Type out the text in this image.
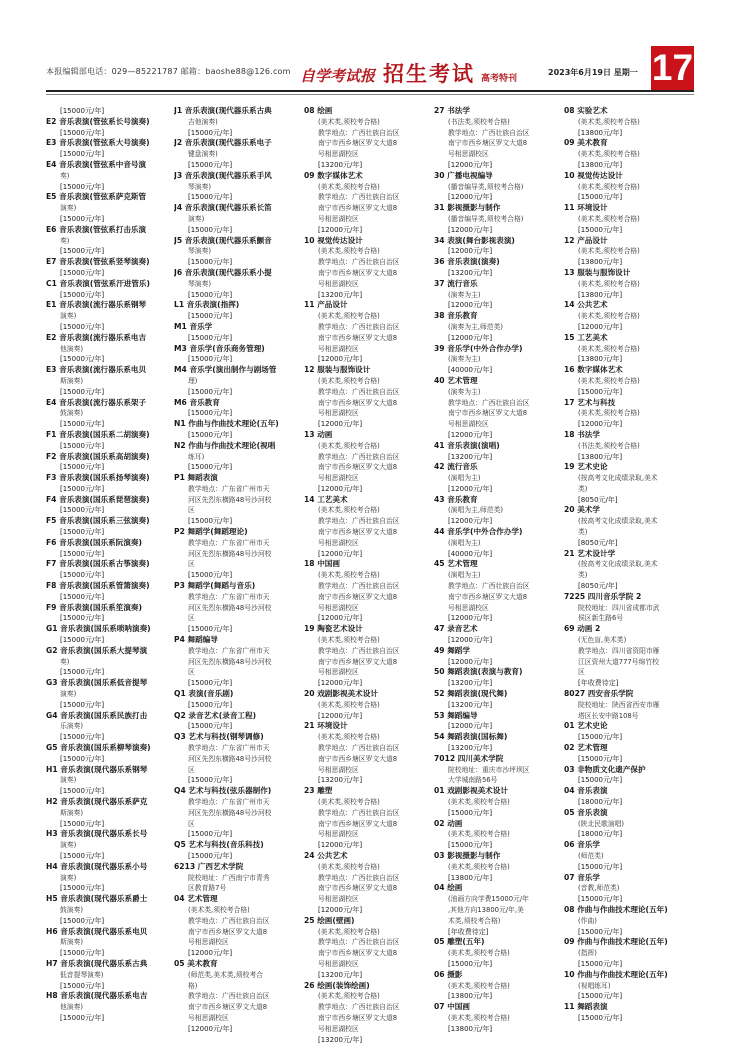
本报编辑部电话：029—85221787 邮箱：baoshe88@126.com 自学考试报 招生考试 高考特刊
2023年6月19日 星期一 17
[15000元/年]
E2 音乐表演(管弦系长号演奏)
[15000元/年]
E3 音乐表演(管弦系大号演奏)
[15000元/年]
E4 音乐表演(管弦系中音号演
奏)
[15000元/年]
E5 音乐表演(管弦系萨克斯管
演奏)
[15000元/年]
E6 音乐表演(管弦系打击乐演
奏)
[15000元/年]
E7 音乐表演(管弦系竖琴演奏)
[15000元/年]
C1 音乐表演(管弦系汗进管乐)
[15000元/年]
E1 音乐表演(流行器乐系钢琴
演奏)
[15000元/年]
E2 音乐表演(流行器乐系电吉
他演奏)
[15000元/年]
E3 音乐表演(流行器乐系电贝
斯演奏)
[15000元/年]
E4 音乐表演(流行器乐系架子
鼓演奏)
[15000元/年]
F1 音乐表演(国乐系二胡演奏)
[15000元/年]
F2 音乐表演(国乐系高胡演奏)
[15000元/年]
F3 音乐表演(国乐系扬琴演奏)
[15000元/年]
F4 音乐表演(国乐系琵琶演奏)
[15000元/年]
F5 音乐表演(国乐系三弦演奏)
[15000元/年]
F6 音乐表演(国乐系阮演奏)
[15000元/年]
F7 音乐表演(国乐系古筝演奏)
[15000元/年]
F8 音乐表演(国乐系管箫演奏)
[15000元/年]
F9 音乐表演(国乐系笙演奏)
[15000元/年]
G1 音乐表演(国乐系唢呐演奏)
[15000元/年]
G2 音乐表演(国乐系大提琴演
奏)
[15000元/年]
G3 音乐表演(国乐系低音提琴
演奏)
[15000元/年]
G4 音乐表演(国乐系民族打击
乐演奏)
[15000元/年]
G5 音乐表演(国乐系柳琴演奏)
[15000元/年]
H1 音乐表演(现代器乐系钢琴
演奏)
[15000元/年]
H2 音乐表演(现代器乐系萨克
斯演奏)
[15000元/年]
H3 音乐表演(现代器乐系长号
演奏)
[15000元/年]
H4 音乐表演(现代器乐系小号
演奏)
[15000元/年]
H5 音乐表演(现代器乐系爵士
鼓演奏)
[15000元/年]
H6 音乐表演(现代器乐系电贝
斯演奏)
[15000元/年]
H7 音乐表演(现代器乐系古典
低音提琴演奏)
[15000元/年]
H8 音乐表演(现代器乐系电吉
他演奏)
[15000元/年]
J1 音乐表演(现代器乐系古典
吉他演奏)
[15000元/年]
J2 音乐表演(现代器乐系电子
键盘演奏)
[15000元/年]
J3 音乐表演(现代器乐系手风
琴演奏)
[15000元/年]
J4 音乐表演(现代器乐系长笛
演奏)
[15000元/年]
J5 音乐表演(现代器乐系颤音
琴演奏)
[15000元/年]
J6 音乐表演(现代器乐系小提
琴演奏)
[15000元/年]
L1 音乐表演(指挥)
[15000元/年]
M1 音乐学
[15000元/年]
M3 音乐学(音乐商务管理)
[15000元/年]
M4 音乐学(演出制作与剧场管
理)
[15000元/年]
M6 音乐教育
[15000元/年]
N1 作曲与作曲技术理论(五年)
[15000元/年]
N2 作曲与作曲技术理论(视唱
练耳)
[15000元/年]
P1 舞蹈表演
教学地点：广东省广州市天
河区先烈东横路48号沙河校
区
[15000元/年]
P2 舞蹈学(舞蹈理论)
教学地点：广东省广州市天
河区先烈东横路48号沙河校
区
[15000元/年]
P3 舞蹈学(舞蹈与音乐)
教学地点：广东省广州市天
河区先烈东横路48号沙河校
区
[15000元/年]
P4 舞蹈编导
教学地点：广东省广州市天
河区先烈东横路48号沙河校
区
[15000元/年]
Q1 表演(音乐剧)
[15000元/年]
Q2 录音艺术(录音工程)
[15000元/年]
Q3 艺术与科技(钢琴调修)
教学地点：广东省广州市天
河区先烈东横路48号沙河校
区
[15000元/年]
Q4 艺术与科技(弦乐器制作)
教学地点：广东省广州市天
河区先烈东横路48号沙河校
区
[15000元/年]
Q5 艺术与科技(音乐科技)
[15000元/年]
6213 广西艺术学院
院校地址：广西南宁市青秀
区教育路7号
04 艺术管理
(美术类,须校考合格)
教学地点：广西壮族自治区
南宁市西乡塘区罗文大道8
号相思湖校区
[12000元/年]
05 美术教育
(师范类,美术类,须校考合
格)
教学地点：广西壮族自治区
南宁市西乡塘区罗文大道8
号相思湖校区
[12000元/年]
08 绘画
(美术类,须校考合格)
教学地点：广西壮族自治区
南宁市西乡塘区罗文大道8
号相思湖校区
[13200元/年]
09 数字媒体艺术
(美术类,须校考合格)
教学地点：广西壮族自治区
南宁市西乡塘区罗文大道8
号相思湖校区
[12000元/年]
10 视觉传达设计
(美术类,须校考合格)
教学地点：广西壮族自治区
南宁市西乡塘区罗文大道8
号相思湖校区
[13200元/年]
11 产品设计
(美术类,须校考合格)
教学地点：广西壮族自治区
南宁市西乡塘区罗文大道8
号相思湖校区
[12000元/年]
12 服装与服饰设计
(美术类,须校考合格)
教学地点：广西壮族自治区
南宁市西乡塘区罗文大道8
号相思湖校区
[12000元/年]
13 动画
(美术类,须校考合格)
教学地点：广西壮族自治区
南宁市西乡塘区罗文大道8
号相思湖校区
[12000元/年]
14 工艺美术
(美术类,须校考合格)
教学地点：广西壮族自治区
南宁市西乡塘区罗文大道8
号相思湖校区
[12000元/年]
18 中国画
(美术类,须校考合格)
教学地点：广西壮族自治区
南宁市西乡塘区罗文大道8
号相思湖校区
[12000元/年]
19 陶瓷艺术设计
(美术类,须校考合格)
教学地点：广西壮族自治区
南宁市西乡塘区罗文大道8
号相思湖校区
[12000元/年]
20 戏剧影视美术设计
(美术类,须校考合格)
[12000元/年]
21 环境设计
(美术类,须校考合格)
教学地点：广西壮族自治区
南宁市西乡塘区罗文大道8
号相思湖校区
[13200元/年]
23 雕塑
(美术类,须校考合格)
教学地点：广西壮族自治区
南宁市西乡塘区罗文大道8
号相思湖校区
[12000元/年]
24 公共艺术
(美术类,须校考合格)
教学地点：广西壮族自治区
南宁市西乡塘区罗文大道8
号相思湖校区
[12000元/年]
25 绘画(壁画)
(美术类,须校考合格)
教学地点：广西壮族自治区
南宁市西乡塘区罗文大道8
号相思湖校区
[13200元/年]
26 绘画(装饰绘画)
(美术类,须校考合格)
教学地点：广西壮族自治区
南宁市西乡塘区罗文大道8
号相思湖校区
[13200元/年]
27 书法学
(书法类,须校考合格)
教学地点：广西壮族自治区
南宁市西乡塘区罗文大道8
号相思湖校区
[12000元/年]
30 广播电视编导
(播音编导类,须校考合格)
[12000元/年]
31 影视摄影与制作
(播音编导类,须校考合格)
[12000元/年]
34 表演(舞台影视表演)
[12000元/年]
36 音乐表演(演奏)
[13200元/年]
37 流行音乐
(演奏为主)
[12000元/年]
38 音乐教育
(演奏为主,师范类)
[12000元/年]
39 音乐学(中外合作办学)
(演奏为主)
[40000元/年]
40 艺术管理
(演奏为主)
教学地点：广西壮族自治区
南宁市西乡塘区罗文大道8
号相思湖校区
[12000元/年]
41 音乐表演(演唱)
[13200元/年]
42 流行音乐
(演唱为主)
[12000元/年]
43 音乐教育
(演唱为主,师范类)
[12000元/年]
44 音乐学(中外合作办学)
(演唱为主)
[40000元/年]
45 艺术管理
(演唱为主)
教学地点：广西壮族自治区
南宁市西乡塘区罗文大道8
号相思湖校区
[12000元/年]
47 录音艺术
[12000元/年]
49 舞蹈学
[12000元/年]
50 舞蹈表演(表演与教育)
[13200元/年]
52 舞蹈表演(现代舞)
[13200元/年]
53 舞蹈编导
[12000元/年]
54 舞蹈表演(国标舞)
[13200元/年]
7012 四川美术学院
院校地址：重庆市沙坪坝区
大学城南路56号
01 戏剧影视美术设计
(美术类,须校考合格)
[15000元/年]
02 动画
(美术类,须校考合格)
[15000元/年]
03 影视摄影与制作
(美术类,须校考合格)
[13800元/年]
04 绘画
(油画方向学费15000元/年
,其他方向13800元/年,美
术类,须校考合格)
[年收费待定]
05 雕塑(五年)
(美术类,须校考合格)
[15000元/年]
06 摄影
(美术类,须校考合格)
[13800元/年]
07 中国画
(美术类,须校考合格)
[13800元/年]
08 实验艺术
(美术类,须校考合格)
[13800元/年]
09 美术教育
(美术类,须校考合格)
[13800元/年]
10 视觉传达设计
(美术类,须校考合格)
[15000元/年]
11 环境设计
(美术类,须校考合格)
[15000元/年]
12 产品设计
(美术类,须校考合格)
[13800元/年]
13 服装与服饰设计
(美术类,须校考合格)
[13800元/年]
14 公共艺术
(美术类,须校考合格)
[12000元/年]
15 工艺美术
(美术类,须校考合格)
[13800元/年]
16 数字媒体艺术
(美术类,须校考合格)
[15000元/年]
17 艺术与科技
(美术类,须校考合格)
[12000元/年]
18 书法学
(书法类,须校考合格)
[13800元/年]
19 艺术史论
(按高考文化成绩录取,美术
类)
[8050元/年]
20 美术学
(按高考文化成绩录取,美术
类)
[8050元/年]
21 艺术设计学
(按高考文化成绩录取,美术
类)
[8050元/年]
7225 四川音乐学院 2
院校地址：四川省成都市武
侯区新生路6号
69 动画 2
(无色盲,美术类)
教学地点：四川省资阳市雁
江区资州大道777号绵竹校
区
[年收费待定]
8027 西安音乐学院
院校地址：陕西省西安市雁
塔区长安中路108号
01 艺术史论
[15000元/年]
02 艺术管理
[15000元/年]
03 非物质文化遗产保护
[15000元/年]
04 音乐表演
[18000元/年]
05 音乐表演
(陕北民歌演唱)
[18000元/年]
06 音乐学
(师范类)
[15000元/年]
07 音乐学
(音教,师范类)
[15000元/年]
08 作曲与作曲技术理论(五年)
(作曲)
[15000元/年]
09 作曲与作曲技术理论(五年)
(指挥)
[15000元/年]
10 作曲与作曲技术理论(五年)
(视唱练耳)
[15000元/年]
11 舞蹈表演
[15000元/年]
